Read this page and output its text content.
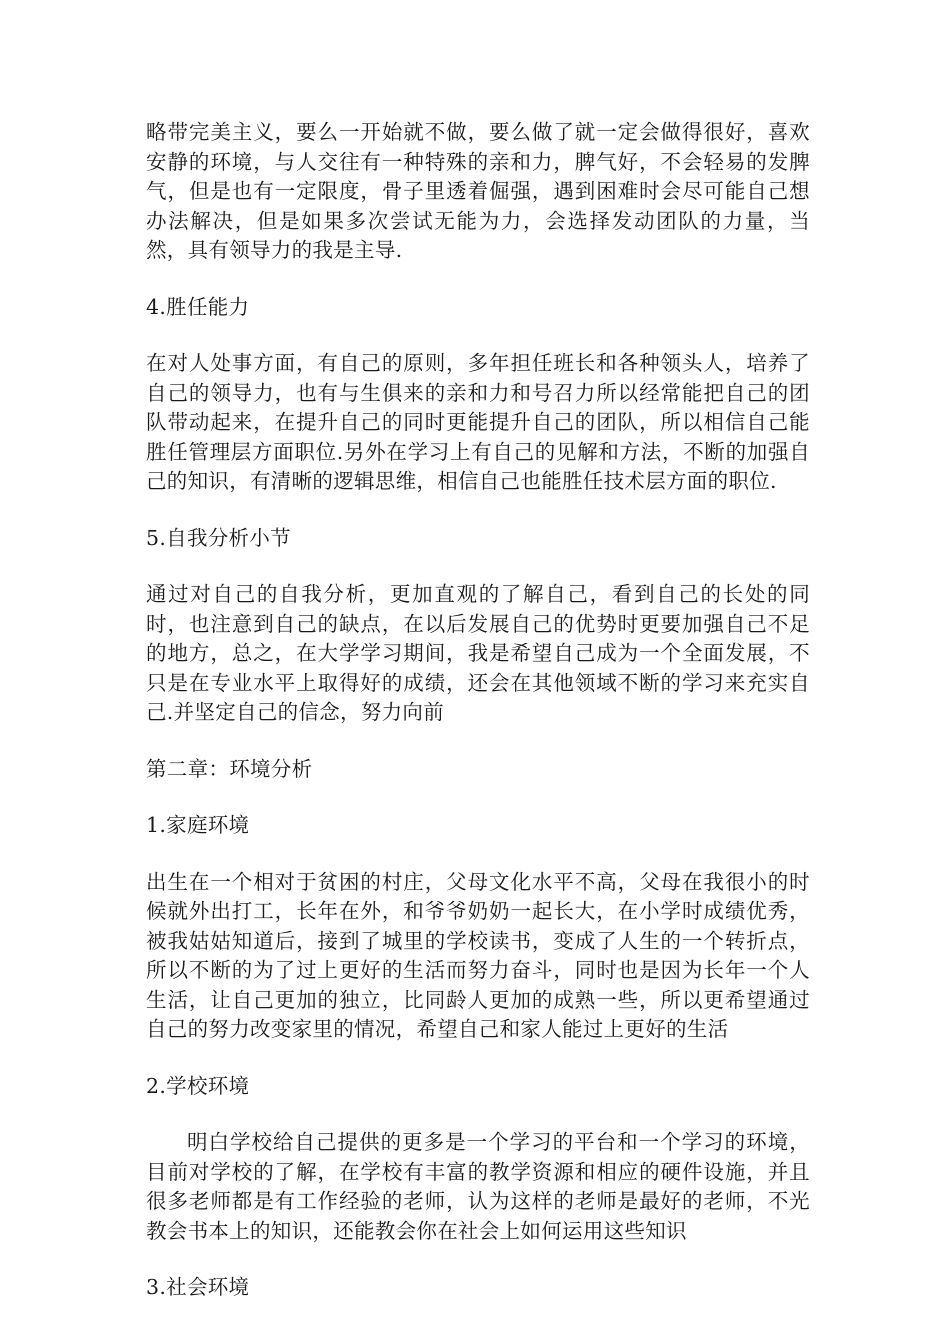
略带完美主义，要么一开始就不做，要么做了就一定会做得很好，喜欢安静的环境，与人交往有一种特殊的亲和力，脾气好，不会轻易的发脾气，但是也有一定限度，骨子里透着倔强，遇到困难时会尽可能自己想办法解决，但是如果多次尝试无能为力，会选择发动团队的力量，当然，具有领导力的我是主导.

4.胜任能力

在对人处事方面，有自己的原则，多年担任班长和各种领头人，培养了自己的领导力，也有与生俱来的亲和力和号召力所以经常能把自己的团队带动起来，在提升自己的同时更能提升自己的团队，所以相信自己能胜任管理层方面职位.另外在学习上有自己的见解和方法，不断的加强自己的知识，有清晰的逻辑思维，相信自己也能胜任技术层方面的职位.

5.自我分析小节

通过对自己的自我分析，更加直观的了解自己，看到自己的长处的同时，也注意到自己的缺点，在以后发展自己的优势时更要加强自己不足的地方，总之，在大学学习期间，我是希望自己成为一个全面发展，不只是在专业水平上取得好的成绩，还会在其他领域不断的学习来充实自己.并坚定自己的信念，努力向前

第二章：环境分析

1.家庭环境

出生在一个相对于贫困的村庄，父母文化水平不高，父母在我很小的时候就外出打工，长年在外，和爷爷奶奶一起长大，在小学时成绩优秀，被我姑姑知道后，接到了城里的学校读书，变成了人生的一个转折点，所以不断的为了过上更好的生活而努力奋斗，同时也是因为长年一个人生活，让自己更加的独立，比同龄人更加的成熟一些，所以更希望通过自己的努力改变家里的情况，希望自己和家人能过上更好的生活

2.学校环境

明白学校给自己提供的更多是一个学习的平台和一个学习的环境，目前对学校的了解，在学校有丰富的教学资源和相应的硬件设施，并且很多老师都是有工作经验的老师，认为这样的老师是最好的老师，不光教会书本上的知识，还能教会你在社会上如何运用这些知识

3.社会环境
